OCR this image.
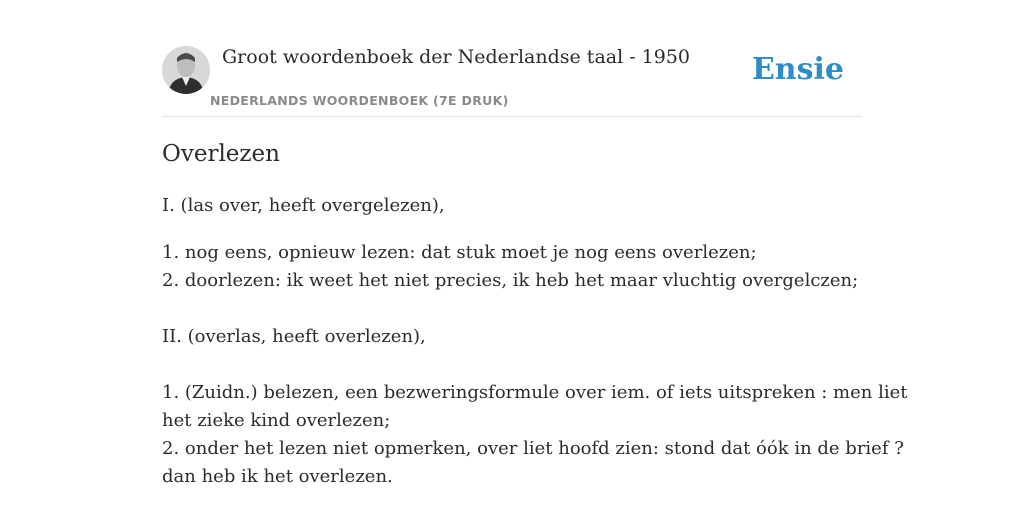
Groot woordenboek der Nederlandse taal - 1950
NEDERLANDS WOORDENBOEK (7E DRUK)
Ensie
Overlezen
I. (las over, heeft overgelezen),
1. nog eens, opnieuw lezen: dat stuk moet je nog eens overlezen;
2. doorlezen: ik weet het niet precies, ik heb het maar vluchtig overgelczen;
II. (overlas, heeft overlezen),
1. (Zuidn.) belezen, een bezweringsformule over iem. of iets uitspreken : men liet
het zieke kind overlezen;
2. onder het lezen niet opmerken, over liet hoofd zien: stond dat óók in de brief ?
dan heb ik het overlezen.
